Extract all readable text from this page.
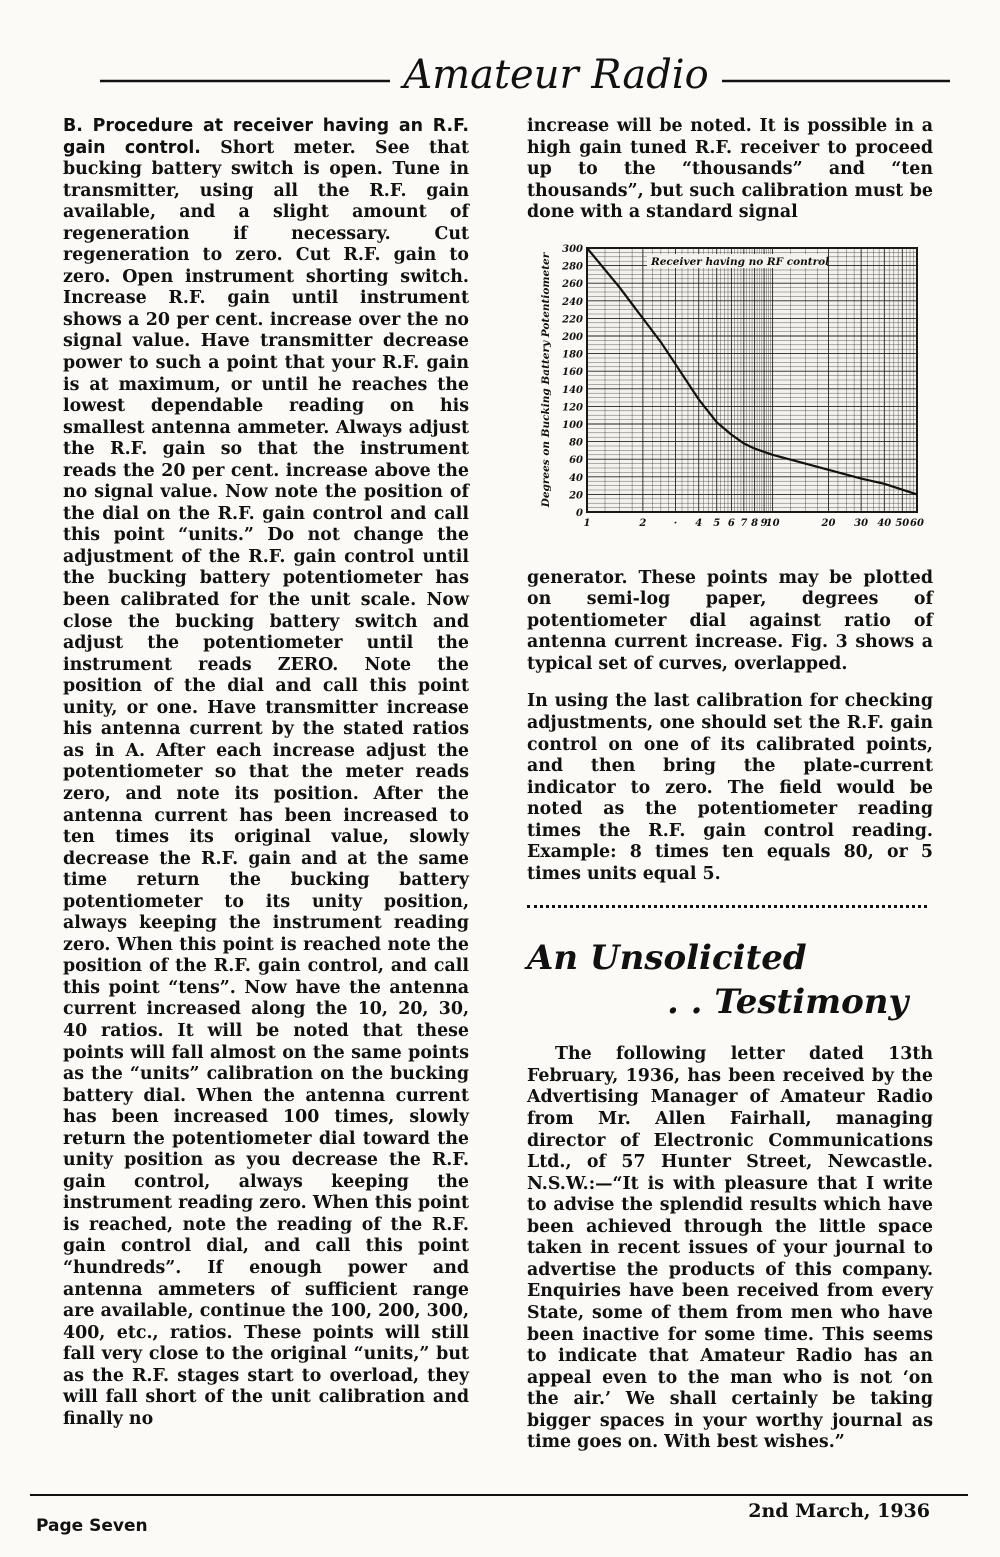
Amateur Radio

B. Procedure at receiver having an R.F. gain control. Short meter. See that bucking battery switch is open. Tune in transmitter, using all the R.F. gain available, and a slight amount of regeneration if necessary. Cut regeneration to zero. Cut R.F. gain to zero. Open instrument shorting switch. Increase R.F. gain until instrument shows a 20 per cent. increase over the no signal value. Have transmitter decrease power to such a point that your R.F. gain is at maximum, or until he reaches the lowest dependable reading on his smallest antenna ammeter. Always adjust the R.F. gain so that the instrument reads the 20 per cent. increase above the no signal value. Now note the position of the dial on the R.F. gain control and call this point “units.” Do not change the adjustment of the R.F. gain control until the bucking battery potentiometer has been calibrated for the unit scale. Now close the bucking battery switch and adjust the potentiometer until the instrument reads ZERO. Note the position of the dial and call this point unity, or one. Have transmitter increase his antenna current by the stated ratios as in A. After each increase adjust the potentiometer so that the meter reads zero, and note its position. After the antenna current has been increased to ten times its original value, slowly decrease the R.F. gain and at the same time return the bucking battery potentiometer to its unity position, always keeping the instrument reading zero. When this point is reached note the position of the R.F. gain control, and call this point “tens”. Now have the antenna current increased along the 10, 20, 30, 40 ratios. It will be noted that these points will fall almost on the same points as the “units” calibration on the bucking battery dial. When the antenna current has been increased 100 times, slowly return the potentiometer dial toward the unity position as you decrease the R.F. gain control, always keeping the instrument reading zero. When this point is reached, note the reading of the R.F. gain control dial, and call this point “hundreds”. If enough power and antenna ammeters of sufficient range are available, continue the 100, 200, 300, 400, etc., ratios. These points will still fall very close to the original “units,” but as the R.F. stages start to overload, they will fall short of the unit calibration and finally no

increase will be noted. It is possible in a high gain tuned R.F. receiver to proceed up to the “thousands” and “ten thousands”, but such calibration must be done with a standard signal

0
20
40
60
80
100
120
140
160
180
200
220
240
260
280
300
1	2	· 4 5 6 7 8 9
10	20 30 40 50 60
Degrees on Bucking Battery Potentiometer	Receiver having no RF control

generator. These points may be plotted on semi-log paper, degrees of potentiometer dial against ratio of antenna current increase. Fig. 3 shows a typical set of curves, overlapped.

In using the last calibration for checking adjustments, one should set the R.F. gain control on one of its calibrated points, and then bring the plate-current indicator to zero. The field would be noted as the potentiometer reading times the R.F. gain control reading. Example: 8 times ten equals 80, or 5 times units equal 5.

An Unsolicited
. . Testimony

The following letter dated 13th February, 1936, has been received by the Advertising Manager of Amateur Radio from Mr. Allen Fairhall, managing director of Electronic Communications Ltd., of 57 Hunter Street, Newcastle. N.S.W.:—“It is with pleasure that I write to advise the splendid results which have been achieved through the little space taken in recent issues of your journal to advertise the products of this company. Enquiries have been received from every State, some of them from men who have been inactive for some time. This seems to indicate that Amateur Radio has an appeal even to the man who is not ‘on the air.’ We shall certainly be taking bigger spaces in your worthy journal as time goes on. With best wishes.”

Page Seven
2nd March, 1936
